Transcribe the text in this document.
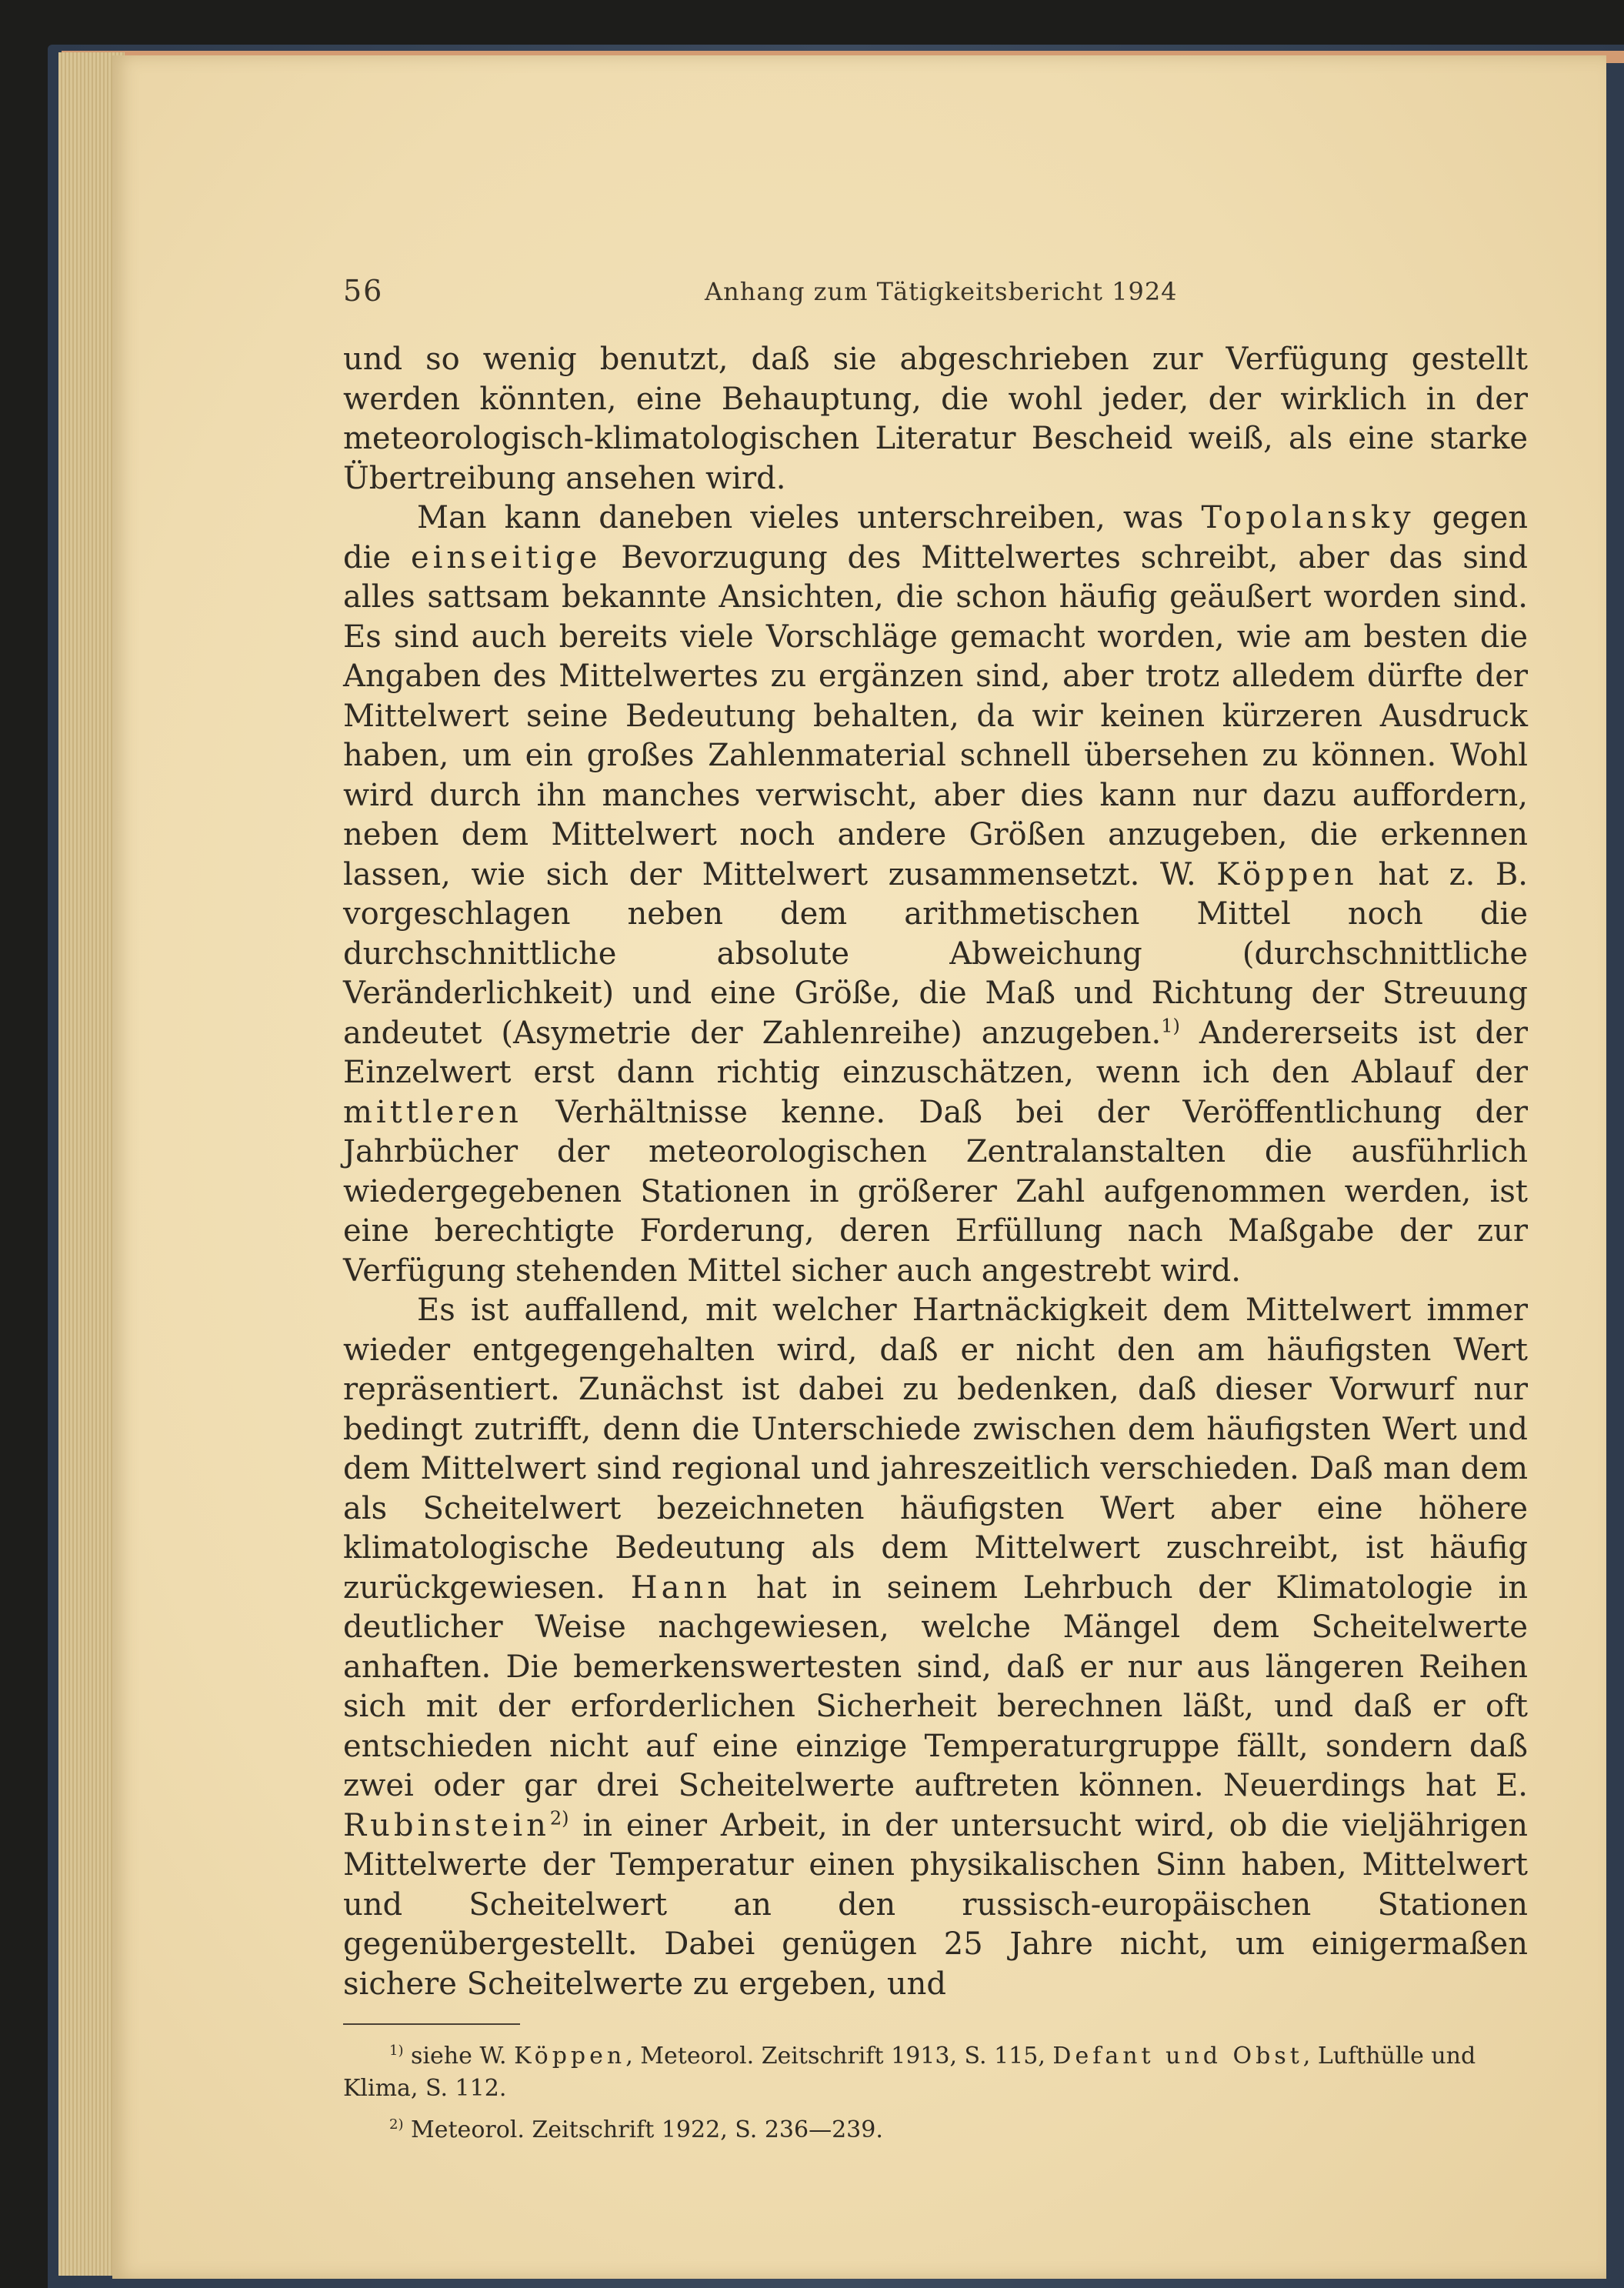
56	Anhang zum Tätigkeitsbericht 1924

und so wenig benutzt, daß sie abgeschrieben zur Verfügung gestellt werden könnten, eine Behauptung, die wohl jeder, der wirklich in der meteorologisch-klimatologischen Literatur Bescheid weiß, als eine starke Übertreibung ansehen wird.

Man kann daneben vieles unterschreiben, was Topolansky gegen die einseitige Bevorzugung des Mittelwertes schreibt, aber das sind alles sattsam bekannte Ansichten, die schon häufig geäußert worden sind. Es sind auch bereits viele Vorschläge gemacht worden, wie am besten die Angaben des Mittelwertes zu ergänzen sind, aber trotz alledem dürfte der Mittelwert seine Bedeutung behalten, da wir keinen kürzeren Ausdruck haben, um ein großes Zahlenmaterial schnell übersehen zu können. Wohl wird durch ihn manches verwischt, aber dies kann nur dazu auffordern, neben dem Mittelwert noch andere Größen anzugeben, die erkennen lassen, wie sich der Mittelwert zusammensetzt. W. Köppen hat z. B. vorgeschlagen neben dem arithmetischen Mittel noch die durchschnittliche absolute Abweichung (durchschnittliche Veränderlichkeit) und eine Größe, die Maß und Richtung der Streuung andeutet (Asymetrie der Zahlenreihe) anzugeben.$^{1)}$ Andererseits ist der Einzelwert erst dann richtig einzuschätzen, wenn ich den Ablauf der mittleren Verhältnisse kenne. Daß bei der Veröffentlichung der Jahrbücher der meteorologischen Zentralanstalten die ausführlich wiedergegebenen Stationen in größerer Zahl aufgenommen werden, ist eine berechtigte Forderung, deren Erfüllung nach Maßgabe der zur Verfügung stehenden Mittel sicher auch angestrebt wird.

Es ist auffallend, mit welcher Hartnäckigkeit dem Mittelwert immer wieder entgegengehalten wird, daß er nicht den am häufigsten Wert repräsentiert. Zunächst ist dabei zu bedenken, daß dieser Vorwurf nur bedingt zutrifft, denn die Unterschiede zwischen dem häufigsten Wert und dem Mittelwert sind regional und jahreszeitlich verschieden. Daß man dem als Scheitelwert bezeichneten häufigsten Wert aber eine höhere klimatologische Bedeutung als dem Mittelwert zuschreibt, ist häufig zurückgewiesen. Hann hat in seinem Lehrbuch der Klimatologie in deutlicher Weise nachgewiesen, welche Mängel dem Scheitelwerte anhaften. Die bemerkenswertesten sind, daß er nur aus längeren Reihen sich mit der erforderlichen Sicherheit berechnen läßt, und daß er oft entschieden nicht auf eine einzige Temperaturgruppe fällt, sondern daß zwei oder gar drei Scheitelwerte auftreten können. Neuerdings hat E. Rubinstein$^{2)}$ in einer Arbeit, in der untersucht wird, ob die vieljährigen Mittelwerte der Temperatur einen physikalischen Sinn haben, Mittelwert und Scheitelwert an den russisch-europäischen Stationen gegenübergestellt. Dabei genügen 25 Jahre nicht, um einigermaßen sichere Scheitelwerte zu ergeben, und

$^{1)}$ siehe W. Köppen, Meteorol. Zeitschrift 1913, S. 115, Defant und Obst, Lufthülle und Klima, S. 112.

$^{2)}$ Meteorol. Zeitschrift 1922, S. 236—239.
